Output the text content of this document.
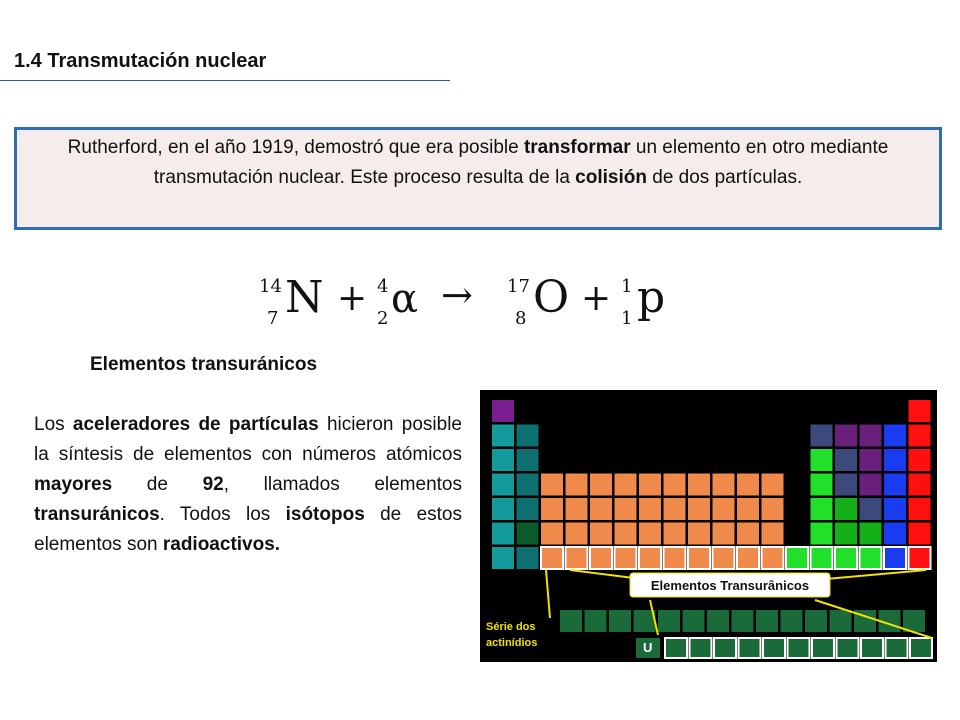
1.4 Transmutación nuclear
Rutherford, en el año 1919, demostró que era posible transformar un elemento en otro mediante transmutación nuclear. Este proceso resulta de la colisión de dos partículas.
14
7 N + 4
2 α → 17
8 O + 1
1 p
Elementos transuránicos
Los aceleradores de partículas hicieron posible la síntesis de elementos con números atómicos mayores de 92, llamados elementos transuránicos. Todos los isótopos de estos elementos son radioactivos.
Elementos Transurânicos
Série dos
actinídios	U
